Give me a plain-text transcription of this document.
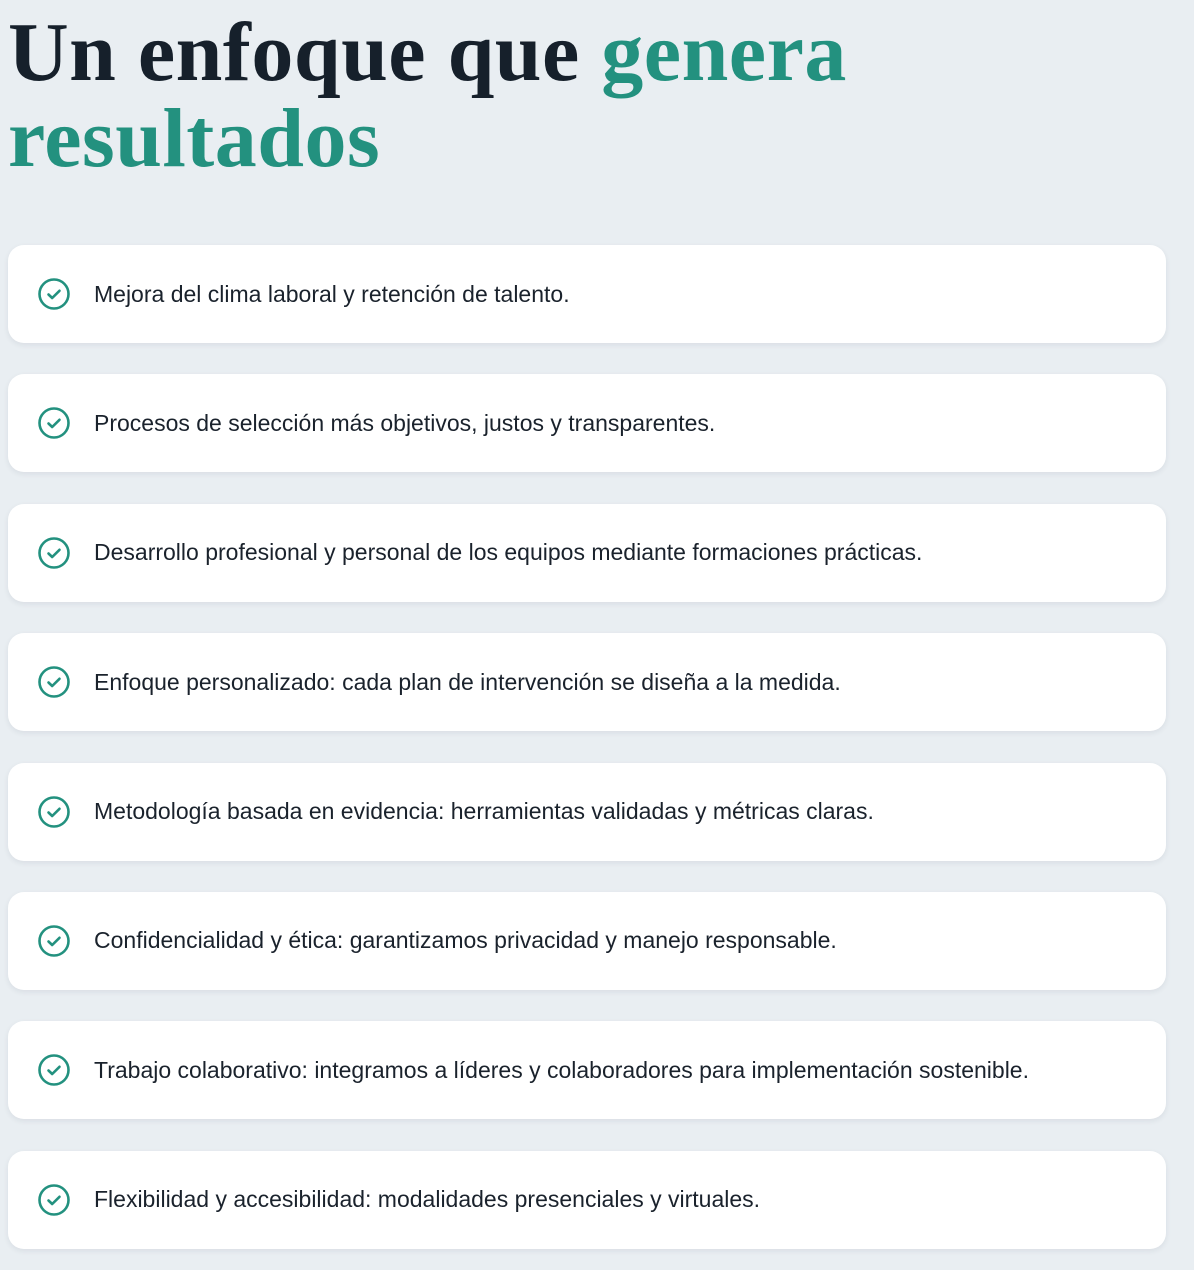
Un enfoque que genera
resultados
Mejora del clima laboral y retención de talento.
Procesos de selección más objetivos, justos y transparentes.
Desarrollo profesional y personal de los equipos mediante formaciones prácticas.
Enfoque personalizado: cada plan de intervención se diseña a la medida.
Metodología basada en evidencia: herramientas validadas y métricas claras.
Confidencialidad y ética: garantizamos privacidad y manejo responsable.
Trabajo colaborativo: integramos a líderes y colaboradores para implementación sostenible.
Flexibilidad y accesibilidad: modalidades presenciales y virtuales.
